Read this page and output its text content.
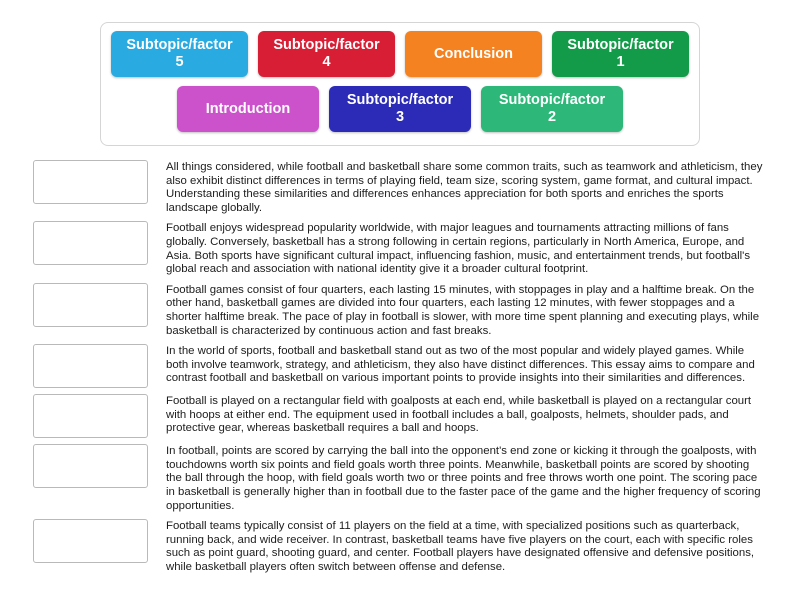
Subtopic/factor
5
Subtopic/factor
4
Conclusion
Subtopic/factor
1
Introduction
Subtopic/factor
3
Subtopic/factor
2
All things considered, while football and basketball share some common traits, such as teamwork and athleticism, they also exhibit distinct differences in terms of playing field, team size, scoring system, game format, and cultural impact. Understanding these similarities and differences enhances appreciation for both sports and enriches the sports landscape globally.
Football enjoys widespread popularity worldwide, with major leagues and tournaments attracting millions of fans globally. Conversely, basketball has a strong following in certain regions, particularly in North America, Europe, and Asia. Both sports have significant cultural impact, influencing fashion, music, and entertainment trends, but football's global reach and association with national identity give it a broader cultural footprint.
Football games consist of four quarters, each lasting 15 minutes, with stoppages in play and a halftime break. On the other hand, basketball games are divided into four quarters, each lasting 12 minutes, with fewer stoppages and a shorter halftime break. The pace of play in football is slower, with more time spent planning and executing plays, while basketball is characterized by continuous action and fast breaks.
In the world of sports, football and basketball stand out as two of the most popular and widely played games. While both involve teamwork, strategy, and athleticism, they also have distinct differences. This essay aims to compare and contrast football and basketball on various important points to provide insights into their similarities and differences.
Football is played on a rectangular field with goalposts at each end, while basketball is played on a rectangular court with hoops at either end. The equipment used in football includes a ball, goalposts, helmets, shoulder pads, and protective gear, whereas basketball requires a ball and hoops.
In football, points are scored by carrying the ball into the opponent's end zone or kicking it through the goalposts, with touchdowns worth six points and field goals worth three points. Meanwhile, basketball points are scored by shooting the ball through the hoop, with field goals worth two or three points and free throws worth one point. The scoring pace in basketball is generally higher than in football due to the faster pace of the game and the higher frequency of scoring opportunities.
Football teams typically consist of 11 players on the field at a time, with specialized positions such as quarterback, running back, and wide receiver. In contrast, basketball teams have five players on the court, each with specific roles such as point guard, shooting guard, and center. Football players have designated offensive and defensive positions, while basketball players often switch between offense and defense.
